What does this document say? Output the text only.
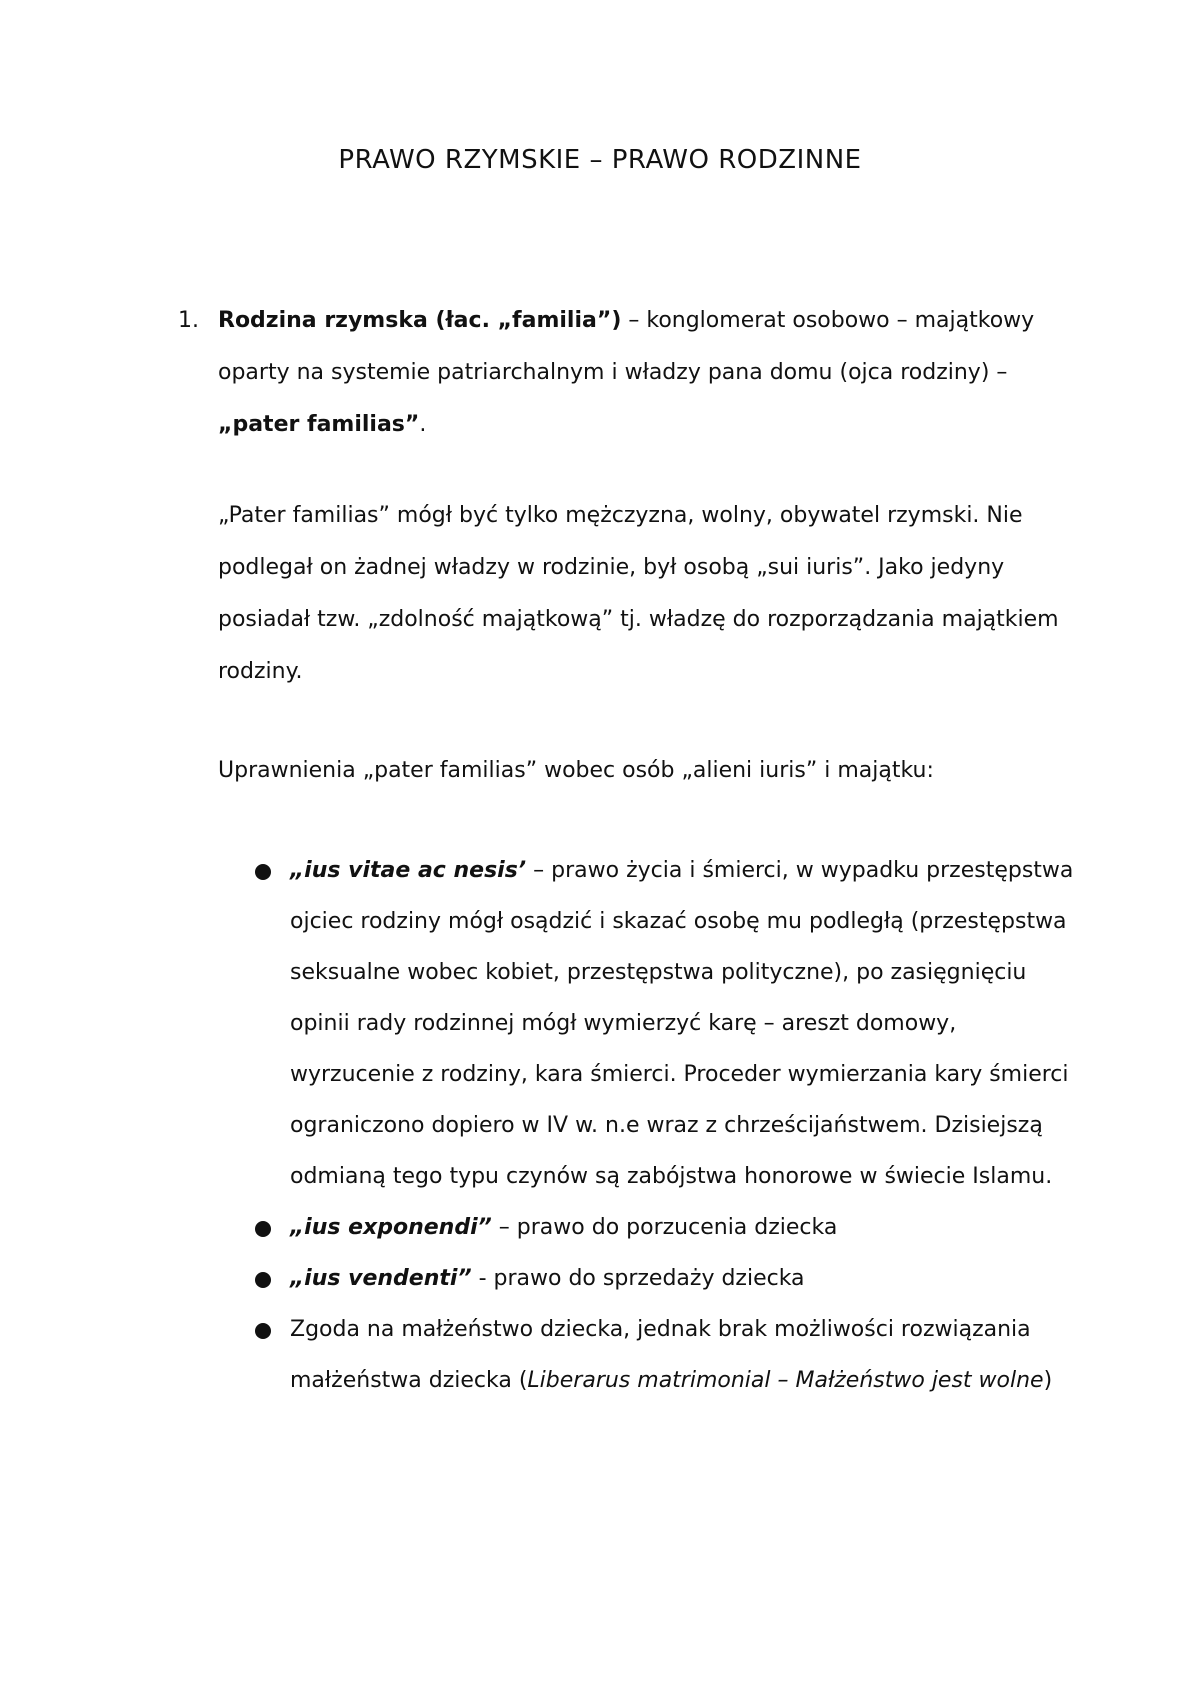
PRAWO RZYMSKIE – PRAWO RODZINNE
1. Rodzina rzymska (łac. „familia”) – konglomerat osobowo – majątkowy oparty na systemie patriarchalnym i władzy pana domu (ojca rodziny) – „pater familias”.
„Pater familias” mógł być tylko mężczyzna, wolny, obywatel rzymski. Nie podlegał on żadnej władzy w rodzinie, był osobą „sui iuris”. Jako jedyny posiadał tzw. „zdolność majątkową” tj. władzę do rozporządzania majątkiem rodziny.
Uprawnienia „pater familias” wobec osób „alieni iuris” i majątku:
„ius vitae ac nesis’ – prawo życia i śmierci, w wypadku przestępstwa ojciec rodziny mógł osądzić i skazać osobę mu podległą (przestępstwa seksualne wobec kobiet, przestępstwa polityczne), po zasięgnięciu opinii rady rodzinnej mógł wymierzyć karę – areszt domowy, wyrzucenie z rodziny, kara śmierci. Proceder wymierzania kary śmierci ograniczono dopiero w IV w. n.e wraz z chrześcijaństwem. Dzisiejszą odmianą tego typu czynów są zabójstwa honorowe w świecie Islamu.
„ius exponendi” – prawo do porzucenia dziecka
„ius vendenti” - prawo do sprzedaży dziecka
Zgoda na małżeństwo dziecka, jednak brak możliwości rozwiązania małżeństwa dziecka (Liberarus matrimonial – Małżeństwo jest wolne)
